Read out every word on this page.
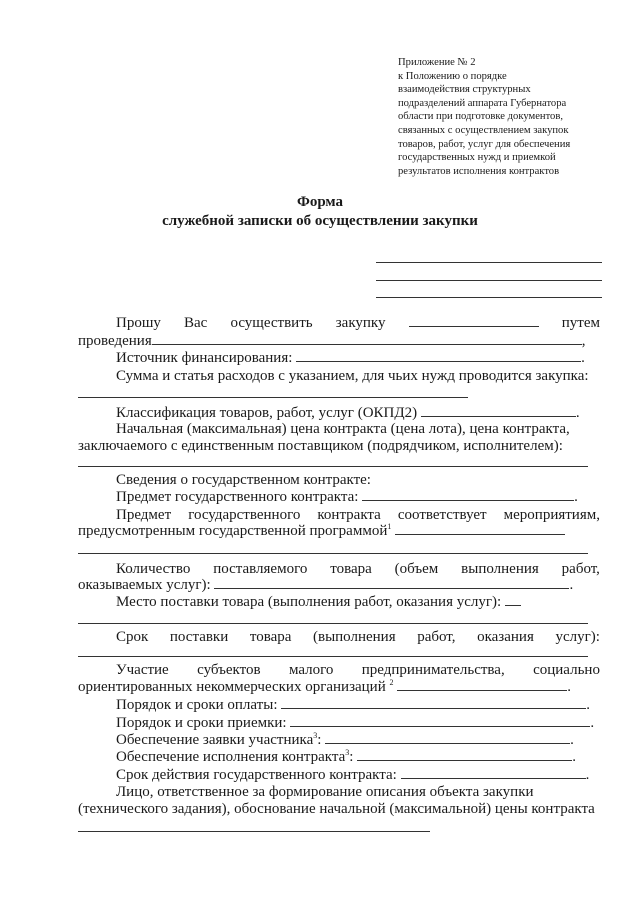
Приложение № 2
к Положению о порядке
взаимодействия структурных
подразделений аппарата Губернатора
области при подготовке документов,
связанных с осуществлением закупок
товаров, работ, услуг для обеспечения
государственных нужд и приемкой
результатов исполнения контрактов
Форма
служебной записки об осуществлении закупки
Прошу Вас осуществить закупку	путем
проведения	,
Источник финансирования:	.
Сумма и статья расходов с указанием, для чьих нужд проводится закупка:
Классификация товаров, работ, услуг (ОКПД2)	.
Начальная (максимальная) цена контракта (цена лота), цена контракта,
заключаемого с единственным поставщиком (подрядчиком, исполнителем):
Сведения о государственном контракте:
Предмет государственного контракта:	.
Предмет государственного контракта соответствует мероприятиям,
предусмотренным государственной программой$^1$
Количество поставляемого товара (объем выполнения работ,
оказываемых услуг):	.
Место поставки товара (выполнения работ, оказания услуг):
Срок поставки товара (выполнения работ, оказания услуг):
Участие субъектов малого предпринимательства, социально
ориентированных некоммерческих организаций $^2$	.
Порядок и сроки оплаты:	.
Порядок и сроки приемки:	.
Обеспечение заявки участника$^3$:	.
Обеспечение исполнения контракта$^3$:	.
Срок действия государственного контракта:	.
Лицо, ответственное за формирование описания объекта закупки
(технического задания), обоснование начальной (максимальной) цены контракта
